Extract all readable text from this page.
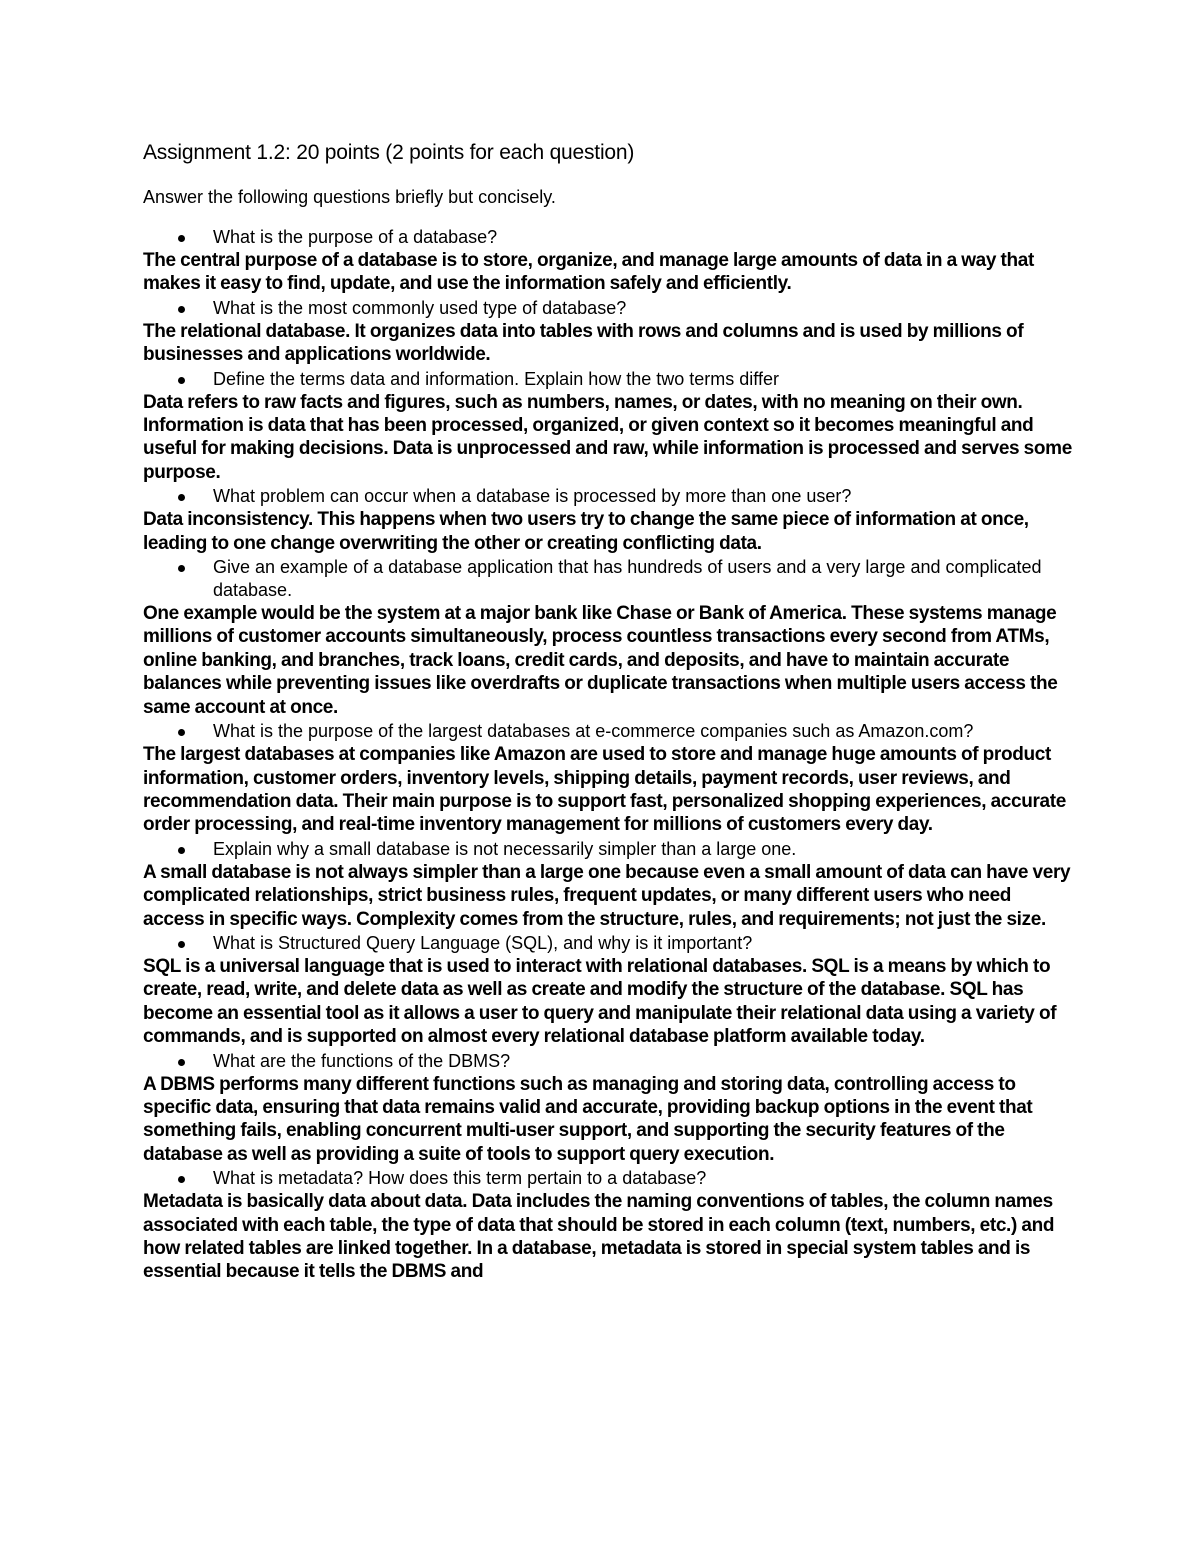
Assignment 1.2: 20 points (2 points for each question)
Answer the following questions briefly but concisely.
What is the purpose of a database?
The central purpose of a database is to store, organize, and manage large amounts of data in a way that makes it easy to find, update, and use the information safely and efficiently.
What is the most commonly used type of database?
The relational database. It organizes data into tables with rows and columns and is used by millions of businesses and applications worldwide.
Define the terms data and information. Explain how the two terms differ
Data refers to raw facts and figures, such as numbers, names, or dates, with no meaning on their own. Information is data that has been processed, organized, or given context so it becomes meaningful and useful for making decisions. Data is unprocessed and raw, while information is processed and serves some purpose.
What problem can occur when a database is processed by more than one user?
Data inconsistency. This happens when two users try to change the same piece of information at once, leading to one change overwriting the other or creating conflicting data.
Give an example of a database application that has hundreds of users and a very large and complicated database.
One example would be the system at a major bank like Chase or Bank of America. These systems manage millions of customer accounts simultaneously, process countless transactions every second from ATMs, online banking, and branches, track loans, credit cards, and deposits, and have to maintain accurate balances while preventing issues like overdrafts or duplicate transactions when multiple users access the same account at once.
What is the purpose of the largest databases at e-commerce companies such as Amazon.com?
The largest databases at companies like Amazon are used to store and manage huge amounts of product information, customer orders, inventory levels, shipping details, payment records, user reviews, and recommendation data. Their main purpose is to support fast, personalized shopping experiences, accurate order processing, and real-time inventory management for millions of customers every day.
Explain why a small database is not necessarily simpler than a large one.
A small database is not always simpler than a large one because even a small amount of data can have very complicated relationships, strict business rules, frequent updates, or many different users who need access in specific ways. Complexity comes from the structure, rules, and requirements; not just the size.
What is Structured Query Language (SQL), and why is it important?
SQL is a universal language that is used to interact with relational databases. SQL is a means by which to create, read, write, and delete data as well as create and modify the structure of the database. SQL has become an essential tool as it allows a user to query and manipulate their relational data using a variety of commands, and is supported on almost every relational database platform available today.
What are the functions of the DBMS?
A DBMS performs many different functions such as managing and storing data, controlling access to specific data, ensuring that data remains valid and accurate, providing backup options in the event that something fails, enabling concurrent multi-user support, and supporting the security features of the database as well as providing a suite of tools to support query execution.
What is metadata? How does this term pertain to a database?
Metadata is basically data about data. Data includes the naming conventions of tables, the column names associated with each table, the type of data that should be stored in each column (text, numbers, etc.) and how related tables are linked together. In a database, metadata is stored in special system tables and is essential because it tells the DBMS and
